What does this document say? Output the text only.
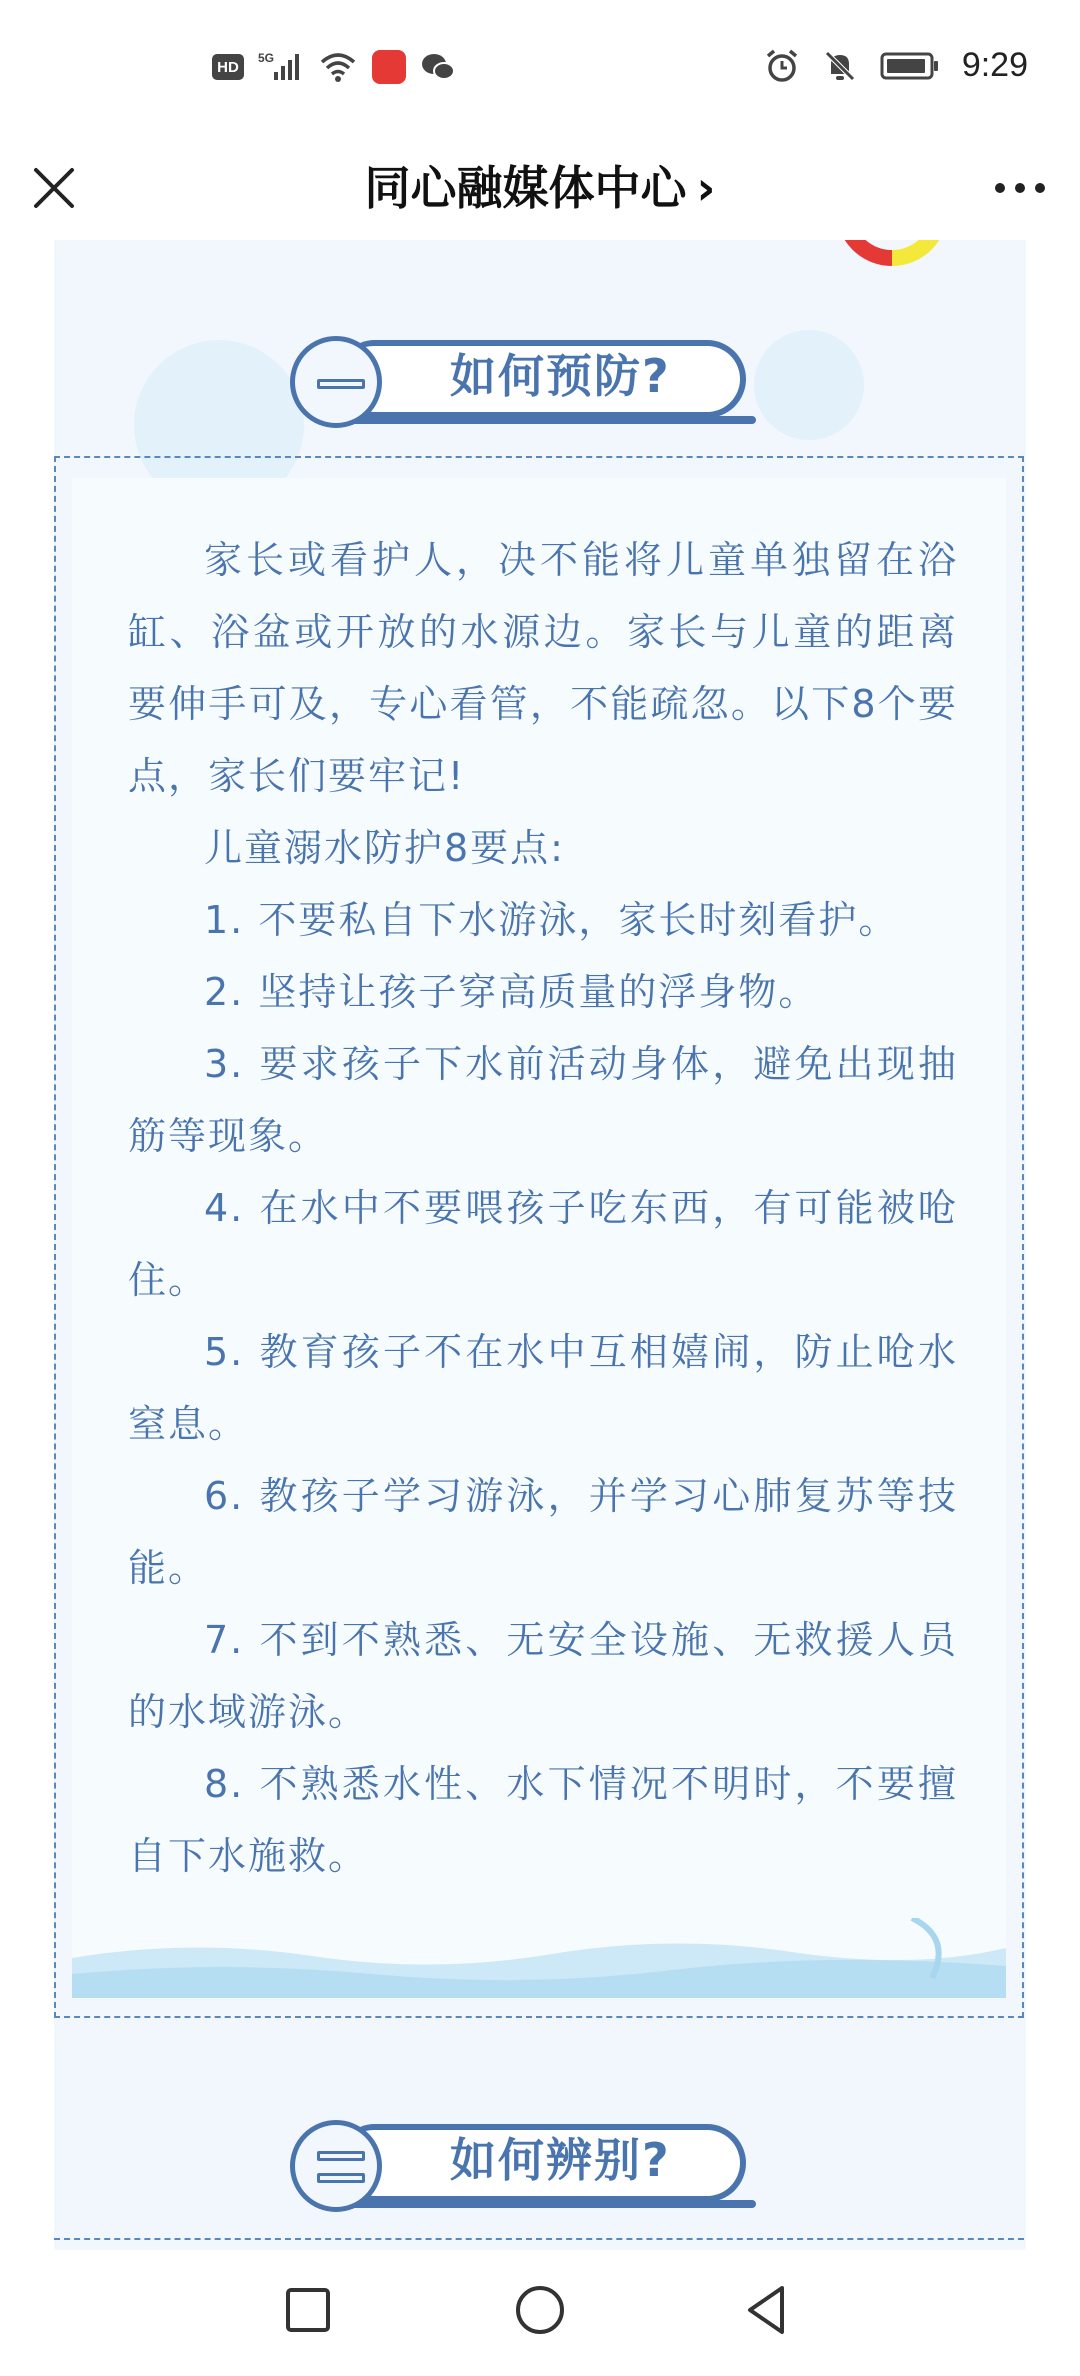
HD
5G	9:29
同心融媒体中心 ›
如何预防?

家长或看护人，决不能将儿童单独留在浴缸、浴盆或开放的水源边。家长与儿童的距离要伸手可及，专心看管，不能疏忽。以下8个要点，家长们要牢记!

儿童溺水防护8要点:

1. 不要私自下水游泳，家长时刻看护。

2. 坚持让孩子穿高质量的浮身物。

3. 要求孩子下水前活动身体，避免出现抽筋等现象。

4. 在水中不要喂孩子吃东西，有可能被呛住。

5. 教育孩子不在水中互相嬉闹，防止呛水窒息。

6. 教孩子学习游泳，并学习心肺复苏等技能。

7. 不到不熟悉、无安全设施、无救援人员的水域游泳。

8. 不熟悉水性、水下情况不明时，不要擅自下水施救。

如何辨别?
